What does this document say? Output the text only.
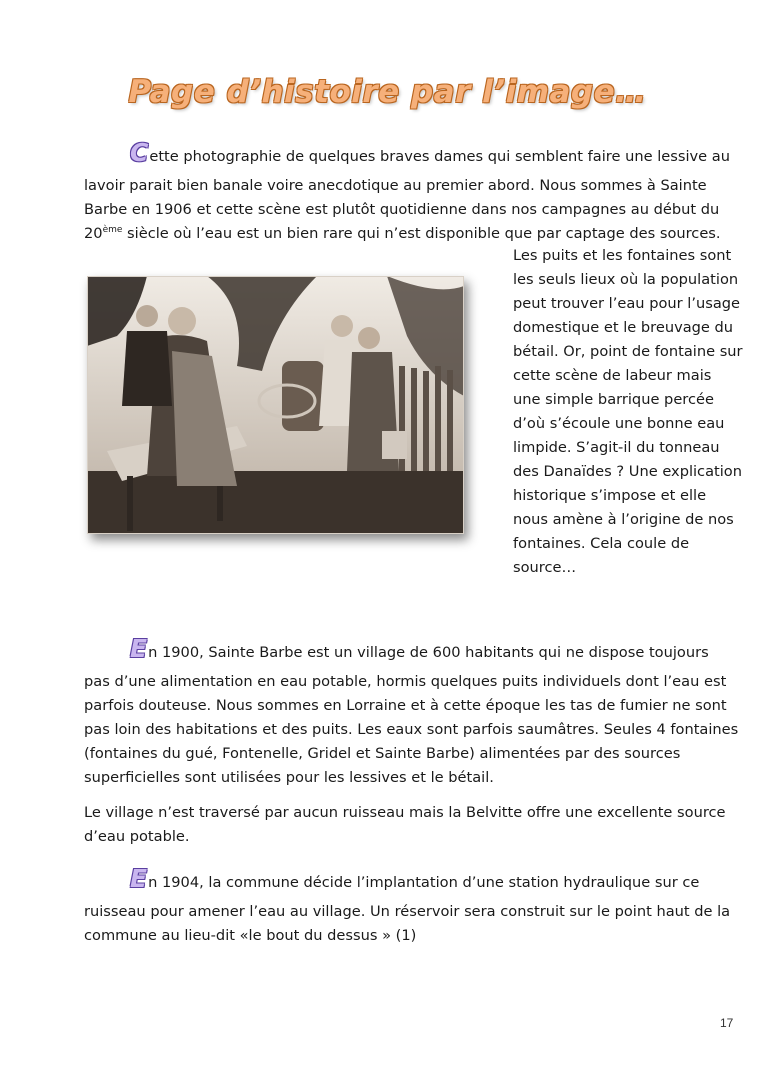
Page d’histoire par l’image…

Cette photographie de quelques braves dames qui semblent faire une lessive au
lavoir parait bien banale voire anecdotique au premier abord. Nous sommes à Sainte Barbe en 1906 et cette scène est plutôt quotidienne dans nos campagnes au début du 20ème siècle où l’eau est un bien rare qui n’est disponible que par captage des sources.

Les puits et les fontaines sont les seuls lieux où la population peut trouver l’eau pour l’usage domestique et le breuvage du bétail. Or, point de fontaine sur cette scène de labeur mais une simple barrique percée d’où s’écoule une bonne eau limpide. S’agit-il du tonneau des Danaïdes ? Une explication historique s’impose et elle nous amène à l’origine de nos fontaines. Cela coule de source…

En 1900, Sainte Barbe est un village de 600 habitants qui ne dispose toujours
pas d’une alimentation en eau potable, hormis quelques puits individuels dont l’eau est parfois douteuse. Nous sommes en Lorraine et à cette époque les tas de fumier ne sont pas loin des habitations et des puits. Les eaux sont parfois saumâtres. Seules 4 fontaines (fontaines du gué, Fontenelle, Gridel et Sainte Barbe) alimentées par des sources superficielles sont utilisées pour les lessives et le bétail.

Le village n’est traversé par aucun ruisseau mais la Belvitte offre une excellente source d’eau potable.

En 1904, la commune décide l’implantation d’une station hydraulique sur ce
ruisseau pour amener l’eau au village. Un réservoir sera construit sur le point haut de la commune au lieu-dit «le bout du dessus » (1)

17
